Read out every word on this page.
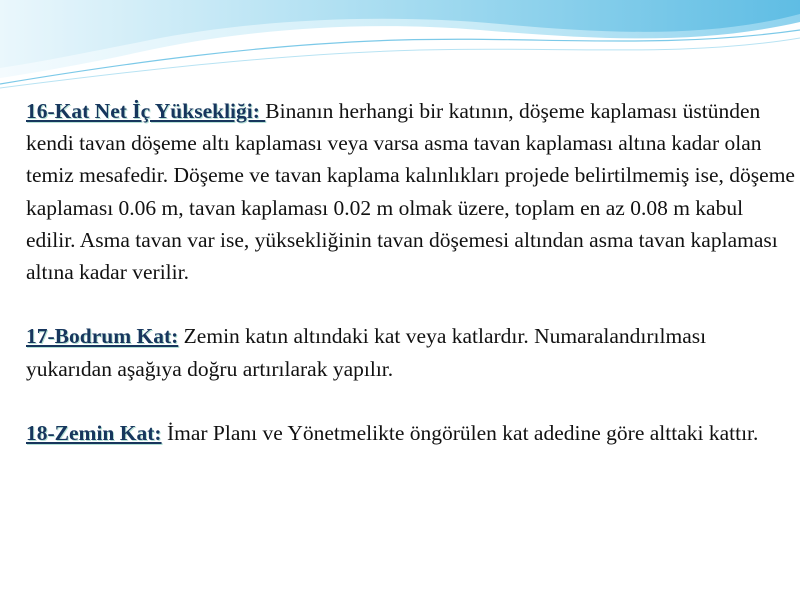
16-Kat Net İç Yüksekliği: Binanın herhangi bir katının, döşeme kaplaması üstünden kendi tavan döşeme altı kaplaması veya varsa asma tavan kaplaması altına kadar olan temiz mesafedir. Döşeme ve tavan kaplama kalınlıkları projede belirtilmemiş ise, döşeme kaplaması 0.06 m, tavan kaplaması 0.02 m olmak üzere, toplam en az 0.08 m kabul edilir. Asma tavan var ise, yüksekliğinin tavan döşemesi altından asma tavan kaplaması altına kadar verilir.

17-Bodrum Kat: Zemin katın altındaki kat veya katlardır. Numaralandırılması yukarıdan aşağıya doğru artırılarak yapılır.

18-Zemin Kat: İmar Planı ve Yönetmelikte öngörülen kat adedine göre alttaki kattır.
